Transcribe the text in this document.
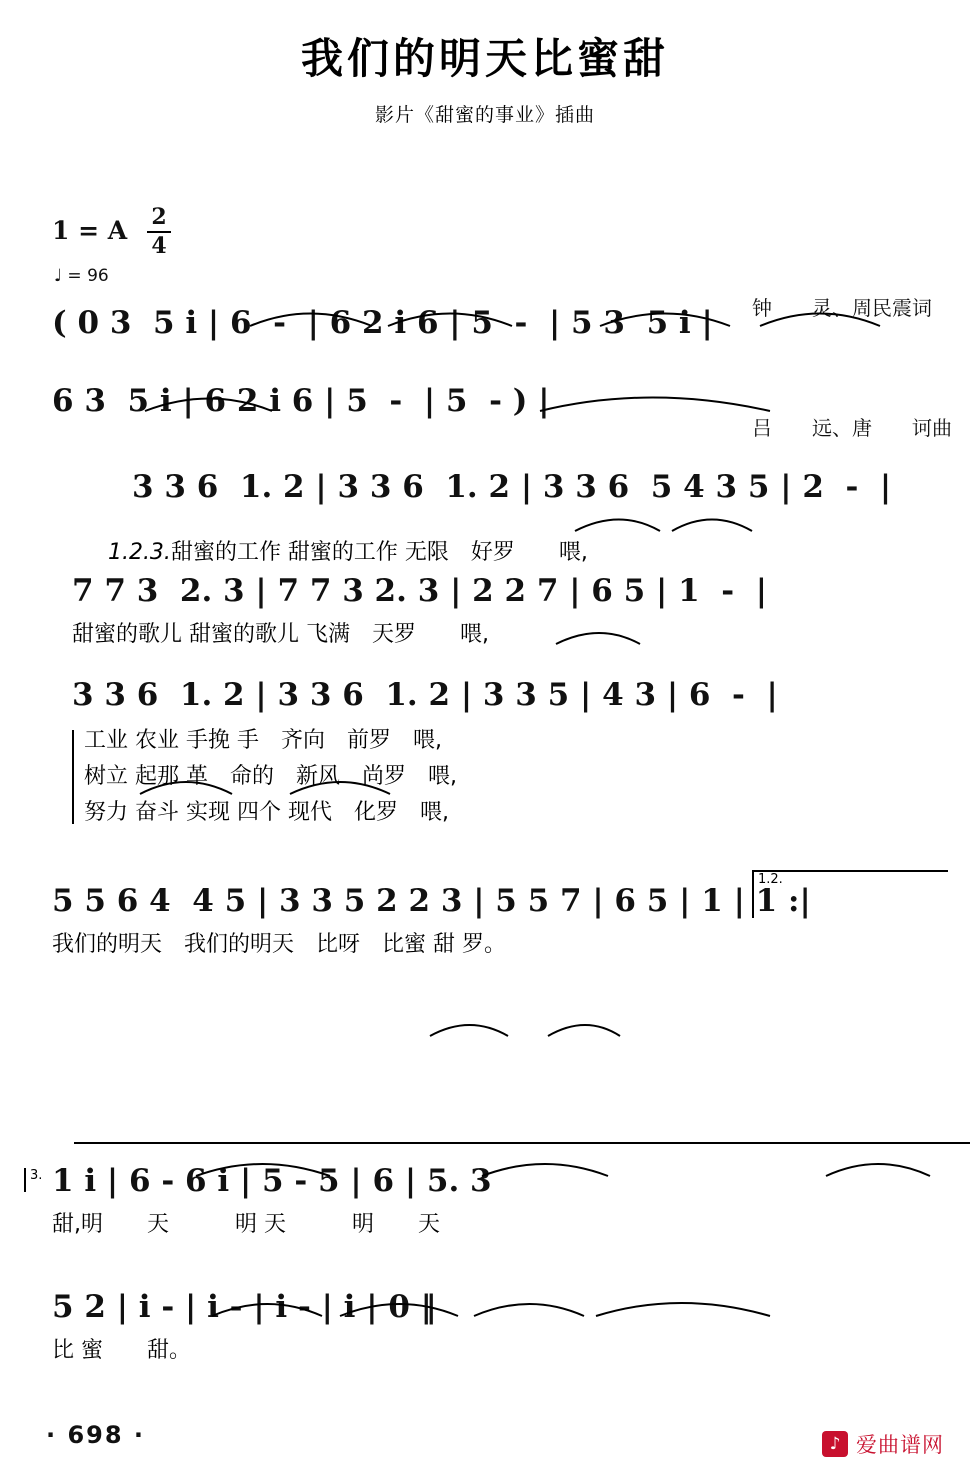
我们的明天比蜜甜
影片《甜蜜的事业》插曲
1 = A 2
4
♩ = 96

钟　　灵、周民震词

吕　　远、唐　　诃曲

( 0 3  5 i | 6  -  | 6 2 i 6 | 5  -  | 5 3  5 i |
6 3  5 i | 6 2 i 6 | 5  -  | 5  - ) |
3 3 6  1. 2 | 3 3 6  1. 2 | 3 3 6  5 4 3 5 | 2  -  |

1.2.3.甜蜜的工作 甜蜜的工作 无限　好罗　　喂,

7 7 3  2. 3 | 7 7 3 2. 3 | 2 2 7 | 6 5 | 1  -  |
甜蜜的歌儿 甜蜜的歌儿 飞满　天罗　　喂,
3 3 6  1. 2 | 3 3 6  1. 2 | 3 3 5 | 4 3 | 6  -  |
工业 农业 手挽 手　齐向　前罗　喂,
树立 起那 革　命的　新风　尚罗　喂,
努力 奋斗 实现 四个 现代　化罗　喂,
1.2.
5 5 6 4  4 5 | 3 3 5 2 2 3 | 5 5 7 | 6 5 | 1 | 1 :|
我们的明天　我们的明天　比呀　比蜜 甜 罗。
3. 1 i | 6 - 6 i | 5 - 5 | 6 | 5. 3
甜,明　　天　　　明 天　　　明　　天
5 2 | i - | i - | i - | i | 0 ‖
比 蜜　　甜。
· 698 ·	♪ 爱曲谱网
